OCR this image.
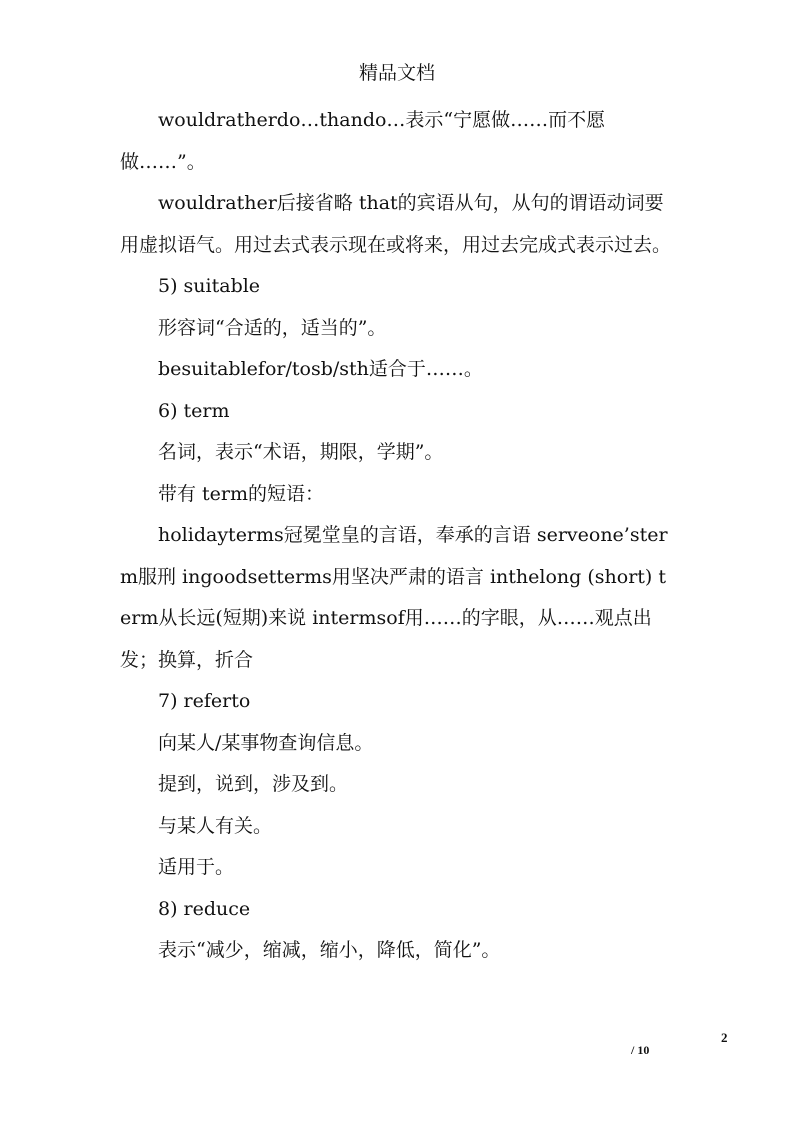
精品文档

wouldratherdo…thando…表示“宁愿做……而不愿做……”。

wouldrather后接省略 that的宾语从句，从句的谓语动词要用虚拟语气。用过去式表示现在或将来，用过去完成式表示过去。

5) suitable

形容词“合适的，适当的”。

besuitablefor/tosb/sth适合于……。

6) term

名词，表示“术语，期限，学期”。

带有 term的短语：

holidayterms冠冕堂皇的言语，奉承的言语 serveone’sterm服刑 ingoodsetterms用坚决严肃的语言 inthelong (short) term从长远(短期)来说 intermsof用……的字眼，从……观点出发；换算，折合

7) referto

向某人/某事物查询信息。

提到，说到，涉及到。

与某人有关。

适用于。

8) reduce

表示“减少，缩减，缩小，降低，简化”。

2
/ 10
